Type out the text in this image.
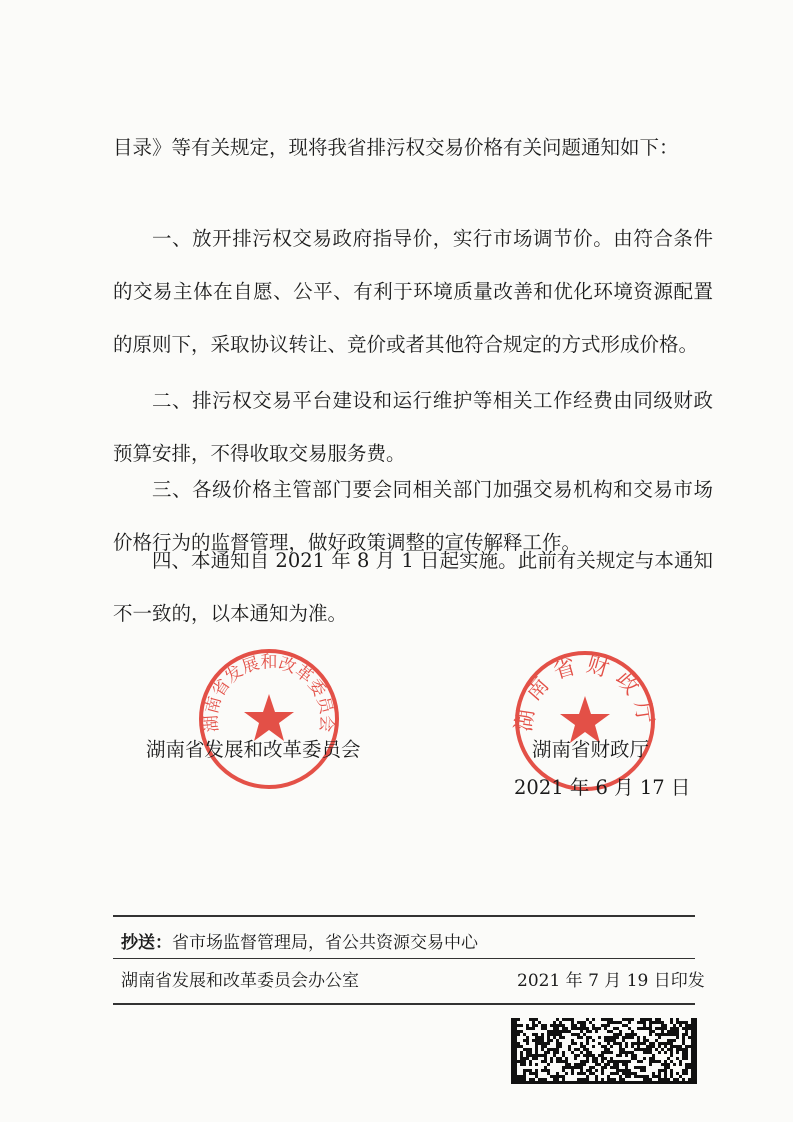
目录》等有关规定，现将我省排污权交易价格有关问题通知如下：

一、放开排污权交易政府指导价，实行市场调节价。由符合条件的交易主体在自愿、公平、有利于环境质量改善和优化环境资源配置的原则下，采取协议转让、竞价或者其他符合规定的方式形成价格。

二、排污权交易平台建设和运行维护等相关工作经费由同级财政预算安排，不得收取交易服务费。

三、各级价格主管部门要会同相关部门加强交易机构和交易市场价格行为的监督管理，做好政策调整的宣传解释工作。

四、本通知自 2021 年 8 月 1 日起实施。此前有关规定与本通知不一致的，以本通知为准。

湖南省发展和改革委员会	湖南省财政厅
湖南省发展和改革委员会	湖南省财政厅
2021 年 6 月 17 日
抄送：省市场监督管理局，省公共资源交易中心
湖南省发展和改革委员会办公室	2021 年 7 月 19 日印发
